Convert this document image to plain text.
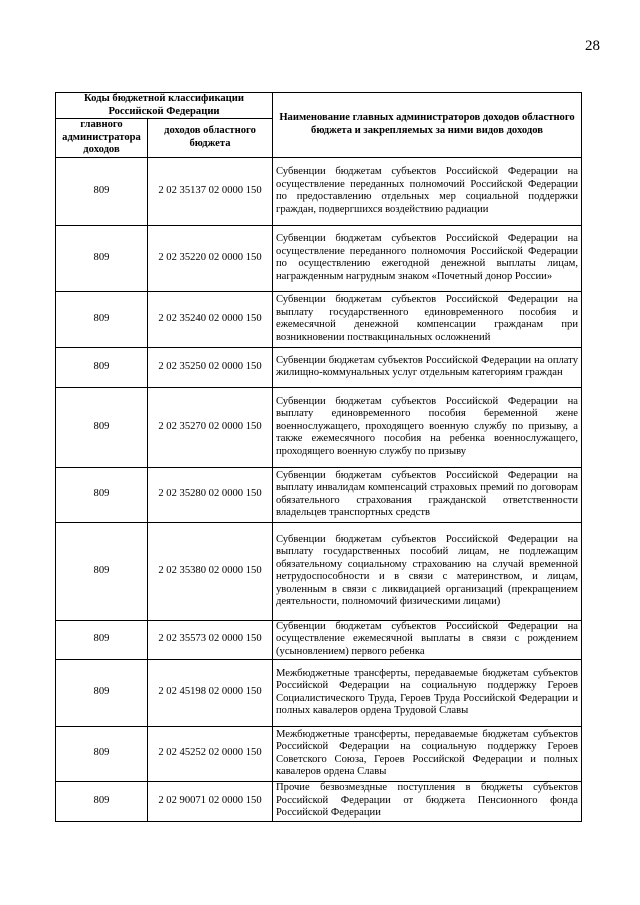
28
Коды бюджетной классификации Российской Федерации		Наименование главных администраторов доходов областного бюджета и закрепляемых за ними видов доходов
главного администратора доходов	доходов областного бюджета	
809	2 02 35137 02 0000 150	Субвенции бюджетам субъектов Российской Федерации на осуществление переданных полномочий Российской Федерации по предоставлению отдельных мер социальной поддержки граждан, подвергшихся воздействию радиации
809	2 02 35220 02 0000 150	Субвенции бюджетам субъектов Российской Федерации на осуществление переданного полномочия Российской Федерации по осуществлению ежегодной денежной выплаты лицам, награжденным нагрудным знаком «Почетный донор России»
809	2 02 35240 02 0000 150	Субвенции бюджетам субъектов Российской Федерации на выплату государственного единовременного пособия и ежемесячной денежной компенсации гражданам при возникновении поствакцинальных осложнений
809	2 02 35250 02 0000 150	Субвенции бюджетам субъектов Российской Федерации на оплату жилищно-коммунальных услуг отдельным категориям граждан
809	2 02 35270 02 0000 150	Субвенции бюджетам субъектов Российской Федерации на выплату единовременного пособия беременной жене военнослужащего, проходящего военную службу по призыву, а также ежемесячного пособия на ребенка военнослужащего, проходящего военную службу по призыву
809	2 02 35280 02 0000 150	Субвенции бюджетам субъектов Российской Федерации на выплату инвалидам компенсаций страховых премий по договорам обязательного страхования гражданской ответственности владельцев транспортных средств
809	2 02 35380 02 0000 150	Субвенции бюджетам субъектов Российской Федерации на выплату государственных пособий лицам, не подлежащим обязательному социальному страхованию на случай временной нетрудоспособности и в связи с материнством, и лицам, уволенным в связи с ликвидацией организаций (прекращением деятельности, полномочий физическими лицами)
809	2 02 35573 02 0000 150	Субвенции бюджетам субъектов Российской Федерации на осуществление ежемесячной выплаты в связи с рождением (усыновлением) первого ребенка
809	2 02 45198 02 0000 150	Межбюджетные трансферты, передаваемые бюджетам субъектов Российской Федерации на социальную поддержку Героев Социалистического Труда, Героев Труда Российской Федерации и полных кавалеров ордена Трудовой Славы
809	2 02 45252 02 0000 150	Межбюджетные трансферты, передаваемые бюджетам субъектов Российской Федерации на социальную поддержку Героев Советского Союза, Героев Российской Федерации и полных кавалеров ордена Славы
809	2 02 90071 02 0000 150	Прочие безвозмездные поступления в бюджеты субъектов Российской Федерации от бюджета Пенсионного фонда Российской Федерации
